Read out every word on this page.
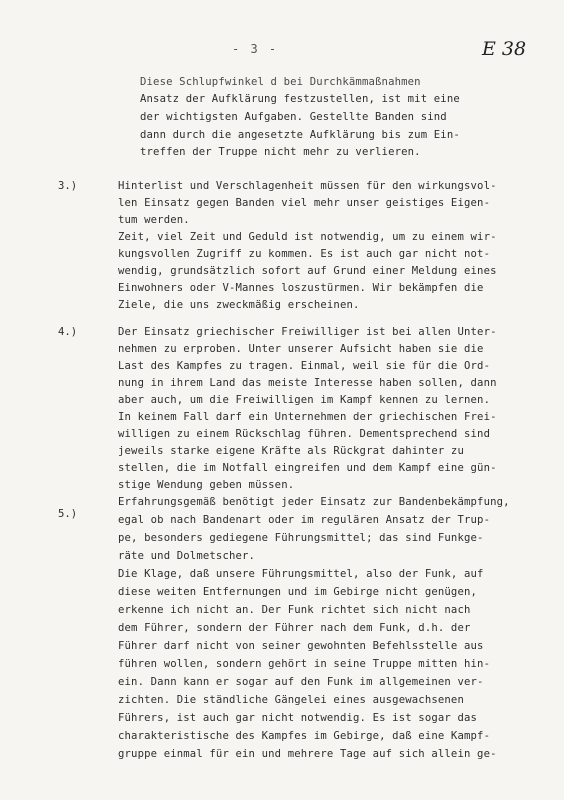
- 3 -	E 38
Diese Schlupfwinkel d bei Durchkämmaßnahmen
Ansatz der Aufklärung festzustellen, ist mit eine
der wichtigsten Aufgaben. Gestellte Banden sind
dann durch die angesetzte Aufklärung bis zum Ein-
treffen der Truppe nicht mehr zu verlieren.
3.)	Hinterlist und Verschlagenheit müssen für den wirkungsvol-
len Einsatz gegen Banden viel mehr unser geistiges Eigen-
tum werden.
Zeit, viel Zeit und Geduld ist notwendig, um zu einem wir-
kungsvollen Zugriff zu kommen. Es ist auch gar nicht not-
wendig, grundsätzlich sofort auf Grund einer Meldung eines
Einwohners oder V-Mannes loszustürmen. Wir bekämpfen die
Ziele, die uns zweckmäßig erscheinen.
4.)	Der Einsatz griechischer Freiwilliger ist bei allen Unter-
nehmen zu erproben. Unter unserer Aufsicht haben sie die
Last des Kampfes zu tragen. Einmal, weil sie für die Ord-
nung in ihrem Land das meiste Interesse haben sollen, dann
aber auch, um die Freiwilligen im Kampf kennen zu lernen.
In keinem Fall darf ein Unternehmen der griechischen Frei-
willigen zu einem Rückschlag führen. Dementsprechend sind
jeweils starke eigene Kräfte als Rückgrat dahinter zu
stellen, die im Notfall eingreifen und dem Kampf eine gün-
stige Wendung geben müssen.
5.)
Erfahrungsgemäß benötigt jeder Einsatz zur Bandenbekämpfung,
egal ob nach Bandenart oder im regulären Ansatz der Trup-
pe, besonders gediegene Führungsmittel; das sind Funkge-
räte und Dolmetscher.
Die Klage, daß unsere Führungsmittel, also der Funk, auf
diese weiten Entfernungen und im Gebirge nicht genügen,
erkenne ich nicht an. Der Funk richtet sich nicht nach
dem Führer, sondern der Führer nach dem Funk, d.h. der
Führer darf nicht von seiner gewohnten Befehlsstelle aus
führen wollen, sondern gehört in seine Truppe mitten hin-
ein. Dann kann er sogar auf den Funk im allgemeinen ver-
zichten. Die ständliche Gängelei eines ausgewachsenen
Führers, ist auch gar nicht notwendig. Es ist sogar das
charakteristische des Kampfes im Gebirge, daß eine Kampf-
gruppe einmal für ein und mehrere Tage auf sich allein ge-
